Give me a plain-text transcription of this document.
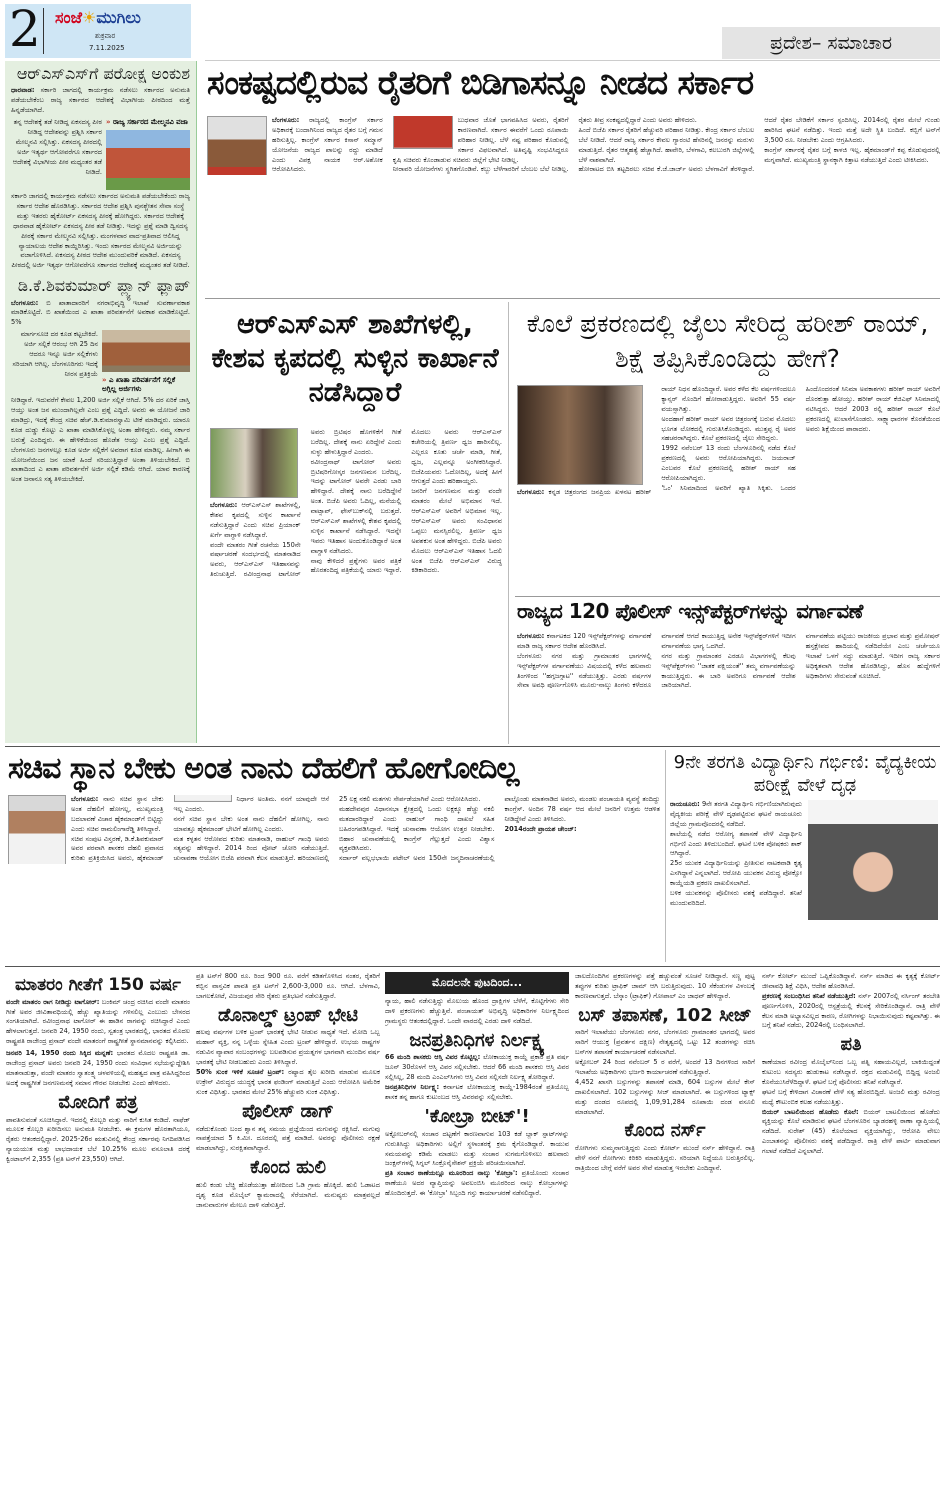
2 ಸಂಜೆ☀ಮುಗಿಲು
ಶುಕ್ರವಾರ
7.11.2025	ಪ್ರದೇಶ– ಸಮಾಚಾರ
ಆರ್‌ಎಸ್‌ಎಸ್‌ಗೆ ಪರೋಕ್ಷ ಅಂಕುಶ
ಧಾರವಾಡ: ಸರ್ಕಾರಿ ಜಾಗದಲ್ಲಿ ಕಾರ್ಯಕ್ರಮ ನಡೆಸಲು ಸರ್ಕಾರದ ಅನುಮತಿ ಪಡೆಯಬೇಕೆಂಬ ರಾಜ್ಯ ಸರ್ಕಾರದ ಆದೇಶಕ್ಕೆ ವಿಭಾಗೀಯ ಪೀಠದಿಂದ ಮತ್ತೆ ಹಿನ್ನಡೆಯಾಗಿದೆ.
ತನ್ನ ಆದೇಶಕ್ಕೆ ತಡೆ ನೀಡಿದ್ದ ಏಕಸದಸ್ಯ ಪೀಠ ನೀಡಿದ್ದ ಆದೇಶವನ್ನು ಪ್ರಶ್ನಿಸಿ ಸರ್ಕಾರ ಮೇಲ್ಮನವಿ ಸಲ್ಲಿಸಿತ್ತು. ಏಕಸದಸ್ಯ ಪೀಠದಲ್ಲಿ ಅರ್ಜಿ ಇತ್ಯರ್ಥ ಆಗೋವರೆಗೂ ಸರ್ಕಾರದ ಆದೇಶಕ್ಕೆ ವಿಭಾಗೀಯ ಪೀಠ ಮಧ್ಯಂತರ ತಡೆ ನೀಡಿದೆ.
» ರಾಜ್ಯ ಸರ್ಕಾರದ ಮೇಲ್ಮನವಿ ವಜಾ
ಸರ್ಕಾರಿ ಜಾಗದಲ್ಲಿ ಕಾರ್ಯಕ್ರಮ ನಡೆಸಲು ಸರ್ಕಾರದ ಅನುಮತಿ ಪಡೆಯಬೇಕೆಂದು ರಾಜ್ಯ ಸರ್ಕಾರ ಆದೇಶ ಹೊರಡಿಸಿತ್ತು. ಸರ್ಕಾರದ ಆದೇಶ ಪ್ರಶ್ನಿಸಿ ಪುನಶ್ಚೇತನ ಸೇವಾ ಸಂಸ್ಥೆ ಮತ್ತು ಇತರರು ಹೈಕೋರ್ಟ್ ಏಕಸದಸ್ಯ ಪೀಠಕ್ಕೆ ಹೋಗಿದ್ದರು. ಸರ್ಕಾರದ ಆದೇಶಕ್ಕೆ ಧಾರವಾಡ ಹೈಕೋರ್ಟ್ ಏಕಸದಸ್ಯ ಪೀಠ ತಡೆ ನೀಡಿತ್ತು. ಇದನ್ನು ಪ್ರಶ್ನೆ ಮಾಡಿ ದ್ವಿಸದಸ್ಯ ಪೀಠಕ್ಕೆ ಸರ್ಕಾರ ಮೇಲ್ಮನವಿ ಸಲ್ಲಿಸಿತ್ತು. ಮಂಗಳವಾರ ವಾದ-ಪ್ರತಿವಾದ ಆಲಿಸಿದ್ದ ನ್ಯಾಯಾಲಯ ಆದೇಶ ಕಾಯ್ದಿರಿಸಿತ್ತು. ಇಂದು ಸರ್ಕಾರದ ಮೇಲ್ಮನವಿ ಅರ್ಜಿಯನ್ನು ವಜಾಗೊಳಿಸಿದೆ. ಏಕಸದಸ್ಯ ಪೀಠದ ಆದೇಶ ಮುಂದುವರಿಕೆ ಮಾಡಿದೆ. ಏಕಸದಸ್ಯ ಪೀಠದಲ್ಲಿ ಅರ್ಜಿ ಇತ್ಯರ್ಥ ಆಗೋವರೆಗೂ ಸರ್ಕಾರದ ಆದೇಶಕ್ಕೆ ಮಧ್ಯಂತರ ತಡೆ ನೀಡಿದೆ.
ಡಿ.ಕೆ.ಶಿವಕುಮಾರ್ ಪ್ಲ್ಯಾನ್ ಫ್ಲಾಪ್
ಬೆಂಗಳೂರು: ಬಿ ಖಾತಾದಾರರಿಗೆ ನಗರಾಭಿವೃದ್ಧಿ ಇಲಾಖೆ ಸುವರ್ಣಾವಕಾಶ ಮಾಡಿಕೊಟ್ಟಿದೆ. ಬಿ ಖಾತೆಯಿಂದ ಎ ಖಾತಾ ಪರಿವರ್ತನೆಗೆ ಅವಕಾಶ ಮಾಡಿಕೊಟ್ಟಿದೆ. 5%
ಮಾರ್ಗಸೂಚಿ ದರ ಕೂಡ ಕಟ್ಟಬೇಕಿದೆ. ಅರ್ಜಿ ಸಲ್ಲಿಕೆ ಆರಂಭ ಆಗಿ 25 ದಿನ ಆದರೂ ಇನ್ನೂ ಅರ್ಜಿ ಸಲ್ಲಿಕೆಗಳು ಸರಿಯಾಗಿ ಆಗಿಲ್ಲ. ಬೆಂಗಳೂರಿಗರು ಇದಕ್ಕೆ ನೀರಸ ಪ್ರತಿಕ್ರಿಯೆ
» ಎ ಖಾತಾ ಪರಿವರ್ತನೆಗೆ ಸಲ್ಲಿಕೆ ಅಗ್ಗಿಲ್ಲ ಅರ್ಜಿಗಳು
ನೀಡಿದ್ದಾರೆ. ಇದುವರೆಗೆ ಕೇವಲ 1,200 ಅರ್ಜಿ ಸಲ್ಲಿಕೆ ಆಗಿದೆ. 5% ದರ ಏರಿಕೆ ಜಾಸ್ತಿ ಆಯ್ತು ಅಂತ ಜನ ಮುಂದಾಗಿಲ್ಲವೇ ಎಂಬ ಪ್ರಶ್ನೆ ಎದ್ದಿದೆ. ಅವರು ಈ ಯೋಜನೆ ಜಾರಿ ಮಾಡಿದ್ರು, ಇದಕ್ಕೆ ಕೇಂದ್ರ ಸಚಿವ ಹೆಚ್.ಡಿ.ಕುಮಾರಸ್ವಾಮಿ ಟೀಕೆ ಮಾಡಿದ್ದರು. ಯಾರೂ ಕೂಡ ದುಡ್ಡು ಕೊಟ್ಟು ಎ ಖಾತಾ ಮಾಡಿಸಿಕೊಳ್ಳಲ್ಲ ಅಂತಾ ಹೇಳಿದ್ದರು. ನಮ್ಮ ಸರ್ಕಾರ ಬರುತ್ತೆ ಎಂದಿದ್ದರು. ಈ ಹೇಳಿಕೆಯಿಂದ ಹೊಡೆತ ಆಯ್ತು ಎಂಬ ಪ್ರಶ್ನೆ ಎದ್ದಿದೆ. ಬೆಂಗಳೂರು ಜನಗಳಲ್ಲೂ ಕೂಡ ಅರ್ಜಿ ಸಲ್ಲಿಕೆಗೆ ಅವರಾಗ ಕೂಡ ಮಾಡಿಲ್ಲ. ಹೀಗಾಗಿ ಈ ಯೋಜನೆಯಿಂದ ಜನ ಯಾಕೆ ಹಿಂದೆ ಸರಿಯುತ್ತಿದ್ದಾರೆ ಅಂತಾ ತಿಳಿಯಬೇಕಿದೆ. ಬಿ ಖಾತಾದಿಂದ ಎ ಖಾತಾ ಪರಿವರ್ತನೆಗೆ ಅರ್ಜಿ ಸಲ್ಲಿಕೆ ಕಡಿಮೆ ಆಗಿದೆ. ಯಾವ ಕಾರಣಕ್ಕೆ ಅಂತ ಜನಾನೂ ಸತ್ಯ ತಿಳಿಯಬೇಕಿದೆ.
ಸಂಕಷ್ಟದಲ್ಲಿರುವ ರೈತರಿಗೆ ಬಿಡಿಗಾಸನ್ನೂ ನೀಡದ ಸರ್ಕಾರ
ಬೆಂಗಳೂರು: ರಾಜ್ಯದಲ್ಲಿ ಕಾಂಗ್ರೆಸ್ ಸರ್ಕಾರ ಅಧಿಕಾರಕ್ಕೆ ಬಂದಾಗಿನಿಂದ ರಾಜ್ಯದ ರೈತರ ಬಗ್ಗೆ ಗಮನ ಹರಿಸುತ್ತಿಲ್ಲ. ಕಾಂಗ್ರೆಸ್ ಸರ್ಕಾರ ಕಿಸಾನ್ ಸಮ್ಮಾನ್ ಯೋಜನೆಯ ರಾಜ್ಯದ ಪಾಲನ್ನು ರದ್ದು ಮಾಡಿದೆ ಎಂದು ವಿಪಕ್ಷ ನಾಯಕ ಆರ್.ಅಶೋಕ ಆರೋಪಿಸಿದರು.
ಬುಧವಾರ ಜೊತೆ ಭಾಗವಹಿಸಿದ ಅವರು, ರೈತರಿಗೆ ಕಾರಣವಾಗಿದೆ. ಸರ್ಕಾರ ಈವರೆಗೆ ಒಂದು ರೂಪಾಯಿ ಪರಿಹಾರ ನೀಡಿಲ್ಲ. ಬೆಳೆ ನಷ್ಟ ಪರಿಹಾರ ಕೊಡುವಲ್ಲಿ ಸರ್ಕಾರ ವಿಫಲವಾಗಿದೆ. ಅತಿವೃಷ್ಟಿ ಸಂಭವಿಸಿದ್ದರೂ ಕೃಷಿ ಸಚಿವರು ಕೊಂಡಾಡುವ ಸಚಿವರು ಜಿಲ್ಲೆಗೆ ಭೇಟಿ ನೀಡಿಲ್ಲ.
ನೀರಾವರಿ ಯೋಜನೆಗಳು ಸ್ಥಗಿತಗೊಂಡಿವೆ. ಕಬ್ಬು ಬೆಳೆಗಾರರಿಗೆ ಬೆಂಬಲ ಬೆಲೆ ನೀಡಿಲ್ಲ. ರೈತರು ತೀವ್ರ ಸಂಕಷ್ಟದಲ್ಲಿದ್ದಾರೆ ಎಂದು ಅವರು ಹೇಳಿದರು.
ಹಿಂದೆ ಬಿಜೆಪಿ ಸರ್ಕಾರ ರೈತರಿಗೆ ಹೆಚ್ಚುವರಿ ಪರಿಹಾರ ನೀಡಿತ್ತು. ಕೇಂದ್ರ ಸರ್ಕಾರ ಬೆಂಬಲ ಬೆಲೆ ನೀಡಿದೆ. ಆದರೆ ರಾಜ್ಯ ಸರ್ಕಾರ ಕೇವಲ ಗ್ಯಾರಂಟಿ ಹೆಸರಿನಲ್ಲಿ ಜನರನ್ನು ಮರುಳು ಮಾಡುತ್ತಿದೆ. ರೈತರ ಆತ್ಮಹತ್ಯೆ ಹೆಚ್ಚಾಗಿದೆ. ಹಾವೇರಿ, ಬೆಳಗಾವಿ, ಕಲಬುರಗಿ ಜಿಲ್ಲೆಗಳಲ್ಲಿ ಬೆಳೆ ನಾಶವಾಗಿದೆ.
ಹೋರಾಟದ ಬಿಸಿ ತಟ್ಟದಿರಲು ಸಚಿವ ಕೆ.ಜೆ.ಜಾರ್ಜ್ ಅವರು ಬೆಳಗಾವಿಗೆ ತೆರಳಿದ್ದಾರೆ. ಆದರೆ ರೈತರ ಬೇಡಿಕೆಗೆ ಸರ್ಕಾರ ಸ್ಪಂದಿಸಿಲ್ಲ. 2014ರಲ್ಲಿ ರೈತರ ಮೇಲೆ ಗುಂಡು ಹಾರಿಸಿದ ಘಟನೆ ನಡೆದಿತ್ತು. ಇಂದು ಮತ್ತೆ ಅದೇ ಸ್ಥಿತಿ ಬಂದಿದೆ. ಕಬ್ಬಿಗೆ ಟನ್‌ಗೆ 3,500 ರೂ. ನೀಡಬೇಕು ಎಂದು ಆಗ್ರಹಿಸಿದರು.
ಕಾಂಗ್ರೆಸ್ ಸರ್ಕಾರಕ್ಕೆ ರೈತರ ಬಗ್ಗೆ ಕಾಳಜಿ ಇಲ್ಲ. ಹೈಕಮಾಂಡ್‌ಗೆ ಕಪ್ಪ ಕೊಡುವುದರಲ್ಲಿ ಮಗ್ನವಾಗಿದೆ. ಮುಖ್ಯಮಂತ್ರಿ ಸ್ಥಾನಕ್ಕಾಗಿ ಕಿತ್ತಾಟ ನಡೆಯುತ್ತಿದೆ ಎಂದು ಟೀಕಿಸಿದರು.
ಆರ್‌ಎಸ್‌ಎಸ್ ಶಾಖೆಗಳಲ್ಲಿ, ಕೇಶವ ಕೃಪದಲ್ಲಿ ಸುಳ್ಳಿನ ಕಾರ್ಖಾನೆ ನಡೆಸಿದ್ದಾರೆ
ಬೆಂಗಳೂರು: ಆರ್‌ಎಸ್‌ಎಸ್ ಶಾಖೆಗಳಲ್ಲಿ, ಕೇಶವ ಕೃಪದಲ್ಲಿ ಸುಳ್ಳಿನ ಕಾರ್ಖಾನೆ ನಡೆಸುತ್ತಿದ್ದಾರೆ ಎಂದು ಸಚಿವ ಪ್ರಿಯಾಂಕ್ ಖರ್ಗೆ ವಾಗ್ದಾಳಿ ನಡೆಸಿದ್ದಾರೆ.
ವಂದೇ ಮಾತರಂ ಗೀತೆ ರಚನೆಯ 150ನೇ ವರ್ಷಾಚರಣೆ ಸಂದರ್ಭದಲ್ಲಿ ಮಾತನಾಡಿದ ಅವರು, ಆರ್‌ಎಸ್‌ಎಸ್ ಇತಿಹಾಸವನ್ನು ತಿರುಚುತ್ತಿದೆ. ರವೀಂದ್ರನಾಥ ಟಾಗೋರ್ ಅವರು ಬ್ರಿಟಿಷರ ಹೊಗಳಿಕೆಗೆ ಗೀತೆ ಬರೆದಿಲ್ಲ. ದೇಶಕ್ಕೆ ನಾನು ಏರಿದ್ದೇನೆ ಎಂದು ಸುಳ್ಳು ಹೇಳುತ್ತಿದ್ದಾರೆ ಎಂದರು.
ರವೀಂದ್ರನಾಥ್ ಟಾಗೋರ್ ಅವರು ಬ್ರಿಟಿಷರಿಗೋಸ್ಕರ ಜನಗಣಮನ ಬರೆದಿಲ್ಲ. ಇದನ್ನು ಟಾಗೋರ್ ಅವರೇ ಎರಡು ಬಾರಿ ಹೇಳಿದ್ದಾರೆ. ದೇಶಕ್ಕೆ ನಾನು ಬರೆದಿದ್ದೇನೆ ಅಂತ. ಬಿಜೆಪಿ ಅವರು ಓದಿಲ್ಲ, ಮನೆಯಲ್ಲಿ ವಾಟ್ಸಾಪ್, ಫೇಸ್‌ಬುಕ್‌ನಲ್ಲಿ ಬರುತ್ತದೆ. ಆರ್‌ಎಸ್‌ಎಸ್ ಶಾಖೆಗಳಲ್ಲಿ ಕೇಶವ ಕೃಪದಲ್ಲಿ ಸುಳ್ಳಿನ ಕಾರ್ಖಾನೆ ನಡೆಸಿದ್ದಾರೆ. ಇದನ್ನೇ ಇವರು ಇತಿಹಾಸ ಅಂದುಕೊಂಡಿದ್ದಾರೆ ಅಂತ ವಾಗ್ದಾಳಿ ನಡೆಸಿದರು.
ನಾವು ಕೇಳಿದರೆ ಪ್ರಶ್ನೆಗಳು ಅವರ ಪತ್ರಿಕೆ ಹೊರತಂದಿದ್ದ ಪತ್ರಿಕೆಯಲ್ಲಿ ಯಾರು ಇದ್ದಾರೆ. ಮೊದಲು ಅವರು ಆರ್‌ಎಸ್‌ಎಸ್ ಕಚೇರಿಯಲ್ಲಿ ತ್ರಿವರ್ಣ ಧ್ವಜ ಹಾರಿಸಲಿಲ್ಲ. ಎಲ್ಲರೂ ಕೂತು ಚರ್ಚೆ ಮಾಡಿ, ಗೀತೆ, ಧ್ವಜ, ಎಲ್ಲವನ್ನೂ ಅಂಗೀಕರಿಸಿದ್ದಾರೆ. ಬಿಜೆಪಿಯವರು ಓದೋದಿಲ್ಲ, ಅದಕ್ಕೆ ಹೀಗೆ ಆಗುತ್ತದೆ ಎಂದು ಹರಿಹಾಯ್ದರು.
ಜನರಿಗೆ ಜನಗಣಮನ ಮತ್ತು ವಂದೇ ಮಾತರಂ ಮೇಲೆ ಅಭಿಮಾನ ಇದೆ. ಆರ್‌ಎಸ್‌ಎಸ್ ಅವರಿಗೆ ಅಭಿಮಾನ ಇಲ್ಲ. ಆರ್‌ಎಸ್‌ಎಸ್ ಅವರು ಸಂವಿಧಾನವ ಒಪ್ಪಲು ಮನಸ್ಸಿರಲಿಲ್ಲ. ತ್ರಿವರ್ಣ ಧ್ವಜ ಅಪಶಕುನ ಅಂತ ಹೇಳಿದ್ದರು. ಬಿಜೆಪಿ ಅವರು ಮೊದಲು ಆರ್‌ಎಸ್‌ಎಸ್ ಇತಿಹಾಸ ಓದಲಿ ಅಂತ ಬಿಜೆಪಿ ಆರ್‌ಎಸ್‌ಎಸ್ ವಿರುದ್ಧ ಕಿಡಿಕಾರಿದರು.
ಕೊಲೆ ಪ್ರಕರಣದಲ್ಲಿ ಜೈಲು ಸೇರಿದ್ದ ಹರೀಶ್ ರಾಯ್, ಶಿಕ್ಷೆ ತಪ್ಪಿಸಿಕೊಂಡಿದ್ದು ಹೇಗೆ?
ಬೆಂಗಳೂರು: ಕನ್ನಡ ಚಿತ್ರರಂಗದ ಜನಪ್ರಿಯ ಖಳನಟ ಹರೀಶ್ ರಾಯ್ ನಿಧನ ಹೊಂದಿದ್ದಾರೆ. ಅವರ ಕಳೆದ ಕೆಲ ವರ್ಷಗಳಿಂದಲೂ ಕ್ಯಾನ್ಸರ್ ನೊಂದಿಗೆ ಹೋರಾಡುತ್ತಿದ್ದರು. ಅವರಿಗೆ 55 ವರ್ಷ ವಯಸ್ಸಾಗಿತ್ತು.
ಅಂದಹಾಗೆ ಹರೀಶ್ ರಾಯ್ ಅವರ ಚಿತ್ರರಂಗಕ್ಕೆ ಬರುವ ಮೊದಲು ಭೂಗತ ಲೋಕದಲ್ಲಿ ಗುರುತಿಸಿಕೊಂಡಿದ್ದರು. ಮುತ್ತಪ್ಪ ರೈ ಅವರ ಸಹಚರರಾಗಿದ್ದರು. ಕೊಲೆ ಪ್ರಕರಣದಲ್ಲಿ ಜೈಲು ಸೇರಿದ್ದರು.
1992 ನವೆಂಬರ್ 13 ರಂದು ಬೆಂಗಳೂರಿನಲ್ಲಿ ನಡೆದ ಕೊಲೆ ಪ್ರಕರಣದಲ್ಲಿ ಅವರು ಆರೋಪಿಯಾಗಿದ್ದರು. ಜಯರಾಜ್ ಎಂಬವರ ಕೊಲೆ ಪ್ರಕರಣದಲ್ಲಿ ಹರೀಶ್ ರಾಯ್ ಸಹ ಆರೋಪಿಯಾಗಿದ್ದರು.
'ಓಂ' ಸಿನಿಮಾದಿಂದ ಅವರಿಗೆ ಖ್ಯಾತಿ ಸಿಕ್ಕಿತು. ಒಂದರ ಹಿಂದೊಂದರಂತೆ ಸಿನಿಮಾ ಅವಕಾಶಗಳು ಹರೀಶ್ ರಾಯ್ ಅವರಿಗೆ ದೊರಕುತ್ತಾ ಹೋಯ್ತು. ಹರೀಶ್ ರಾಯ್ ಕೆಜಿಎಫ್ ಸಿನಿಮಾದಲ್ಲಿ ನಟಿಸಿದ್ದರು. ಆದರೆ 2003 ರಲ್ಲಿ ಹರೀಶ್ ರಾಯ್ ಕೊಲೆ ಪ್ರಕರಣದಲ್ಲಿ ಖುಲಾಸೆಗೊಂಡರು. ಸಾಕ್ಷ್ಯಾಧಾರಗಳ ಕೊರತೆಯಿಂದ ಅವರು ಶಿಕ್ಷೆಯಿಂದ ಪಾರಾದರು.
ರಾಜ್ಯದ 120 ಪೊಲೀಸ್ ಇನ್ಸ್‌ಪೆಕ್ಟರ್‌ಗಳನ್ನು ವರ್ಗಾವಣೆ
ಬೆಂಗಳೂರು: ಕರ್ನಾಟಕದ 120 ಇನ್ಸ್‌ಪೆಕ್ಟರ್‌ಗಳನ್ನು ವರ್ಗಾವಣೆ ಮಾಡಿ ರಾಜ್ಯ ಸರ್ಕಾರ ಆದೇಶ ಹೊರಡಿಸಿದೆ.
ಬೆಂಗಳೂರು ನಗರ ಮತ್ತು ಗ್ರಾಮಾಂತರ ಭಾಗಗಳಲ್ಲಿ ಇನ್ಸ್‌ಪೆಕ್ಟರ್‌ಗಳ ವರ್ಗಾವಣೆಯು ವಿಷಯದಲ್ಲಿ ಕಳೆದ ಹಲವಾರು ತಿಂಗಳಿಂದ ''ಹಗ್ಗಜಗ್ಗಾಟ'' ನಡೆಯುತ್ತಿತ್ತು. ಎರಡು ವರ್ಷಗಳ ಸೇವಾ ಅವಧಿ ಪೂರ್ಣಗೊಳಿಸಿ ಮೂರು-ನಾಲ್ಕು ತಿಂಗಳು ಕಳೆದರೂ ವರ್ಗಾವಣೆ ಆಗದೆ ಕಾಯುತ್ತಿದ್ದ ಅನೇಕ ಇನ್ಸ್‌ಪೆಕ್ಟರ್‌ಗಳಿಗೆ ಇದೀಗ ವರ್ಗಾವಣೆಯ ಭಾಗ್ಯ ಒದಗಿದೆ.
ನಗರ ಮತ್ತು ಗ್ರಾಮಾಂತರ ಎರಡೂ ವಿಭಾಗಗಳಲ್ಲಿ ಕೆಲವು ಇನ್ಸ್‌ಪೆಕ್ಟರ್‌ಗಳು ''ಜಾತಕ ಪಕ್ಷಿಯಂತೆ'' ತಮ್ಮ ವರ್ಗಾವಣೆಯನ್ನು ಕಾಯುತ್ತಿದ್ದರು. ಈ ಬಾರಿ ಅವರಿಗೂ ವರ್ಗಾವಣೆ ಆದೇಶ ಜಾರಿಯಾಗಿದೆ.
ವರ್ಗಾವಣೆಯ ಪಟ್ಟಿಯು ರಾಜಕೀಯ ಪ್ರಭಾವ ಮತ್ತು ಪ್ರಮೋಷನ್ ಹಸ್ತಕ್ಷೇಪದ ಹಾದಿಯಲ್ಲಿ ನಡೆದಿದೆಯೇ ಎಂಬ ಚರ್ಚೆಯೂ ಇಲಾಖೆ ಒಳಗೆ ಸದ್ದು ಮಾಡುತ್ತಿದೆ. ಇದೀಗ ರಾಜ್ಯ ಸರ್ಕಾರ ಅಧಿಕೃತವಾಗಿ ಆದೇಶ ಹೊರಡಿಸಿದ್ದು, ಹೊಸ ಹುದ್ದೆಗಳಿಗೆ ಅಧಿಕಾರಿಗಳು ಸೇರುವಂತೆ ಸೂಚಿಸಿದೆ.
ಸಚಿವ ಸ್ಥಾನ ಬೇಕು ಅಂತ ನಾನು ದೆಹಲಿಗೆ ಹೋಗೋದಿಲ್ಲ
ಬೆಂಗಳೂರು: ನಾನು ಸಚಿವ ಸ್ಥಾನ ಬೇಕು ಅಂತ ದೆಹಲಿಗೆ ಹೋಗಲ್ಲ, ಮುಖ್ಯಮಂತ್ರಿ ಬದಲಾವಣೆ ವಿಚಾರ ಹೈಕಮಾಂಡ್‌ಗೆ ಬಿಟ್ಟಿದ್ದು ಎಂದು ಸಚಿವ ರಾಮಲಿಂಗಾರೆಡ್ಡಿ ತಿಳಿಸಿದ್ದಾರೆ.
ಸಚಿವ ಸಂಪುಟ ವಿಸ್ತರಣೆ, ಡಿ.ಕೆ.ಶಿವಕುಮಾರ್ ಅವರ ಪರವಾಗಿ ಶಾಸಕರ ದೆಹಲಿ ಪ್ರವಾಸದ ಕುರಿತು ಪ್ರತಿಕ್ರಿಯಿಸಿದ ಅವರು, ಹೈಕಮಾಂಡ್ ನಿರ್ಧಾರ ಅಂತಿಮ. ನನಗೆ ಯಾವುದೇ ಆಸೆ ಇಲ್ಲ ಎಂದರು.
ನನಗೆ ಸಚಿವ ಸ್ಥಾನ ಬೇಕು ಅಂತ ನಾನು ದೆಹಲಿಗೆ ಹೋಗಿಲ್ಲ. ನಾನು ಯಾವತ್ತೂ ಹೈಕಮಾಂಡ್ ಭೇಟಿಗೆ ಹೋಗಿಲ್ಲ ಎಂದರು.
ಮತ ಕಳ್ಳತನ ಆರೋಪದ ಕುರಿತು ಮಾತನಾಡಿ, ರಾಹುಲ್ ಗಾಂಧಿ ಅವರು ಸತ್ಯವನ್ನು ಹೇಳಿದ್ದಾರೆ. 2014 ರಿಂದ ವೋಟ್ ಚೋರಿ ನಡೆಯುತ್ತಿದೆ. ಚುನಾವಣಾ ಆಯೋಗ ಬಿಜೆಪಿ ಪರವಾಗಿ ಕೆಲಸ ಮಾಡುತ್ತಿದೆ. ಹರಿಯಾಣದಲ್ಲಿ 25 ಲಕ್ಷ ನಕಲಿ ಮತಗಳು ಸೇರ್ಪಡೆಯಾಗಿವೆ ಎಂದು ಆರೋಪಿಸಿದರು.
ಮಹದೇವಪುರ ವಿಧಾನಸಭಾ ಕ್ಷೇತ್ರದಲ್ಲಿ ಒಂದು ಲಕ್ಷಕ್ಕೂ ಹೆಚ್ಚು ನಕಲಿ ಮತದಾರರಿದ್ದಾರೆ ಎಂದು ರಾಹುಲ್ ಗಾಂಧಿ ದಾಖಲೆ ಸಹಿತ ಬಹಿರಂಗಪಡಿಸಿದ್ದಾರೆ. ಇದಕ್ಕೆ ಚುನಾವಣಾ ಆಯೋಗ ಉತ್ತರ ನೀಡಬೇಕು. ಬಿಹಾರ ಚುನಾವಣೆಯಲ್ಲಿ ಕಾಂಗ್ರೆಸ್ ಗೆಲ್ಲುತ್ತದೆ ಎಂದು ವಿಶ್ವಾಸ ವ್ಯಕ್ತಪಡಿಸಿದರು.
ಸರ್ದಾರ್ ವಲ್ಲಭಭಾಯಿ ಪಟೇಲ್ ಅವರ 150ನೇ ಜನ್ಮದಿನಾಚರಣೆಯಲ್ಲಿ ಪಾಲ್ಗೊಂಡು ಮಾತನಾಡಿದ ಅವರು, ಮಂಡಲ ಪಂಚಾಯತಿ ವ್ಯವಸ್ಥೆ ತಂದಿದ್ದು ಕಾಂಗ್ರೆಸ್. ಅಂದಿನ 78 ವರ್ಷ ಆದ ಮೇಲೆ ಜನರಿಗೆ ಉತ್ತಮ ಆಡಳಿತ ನೀಡಿದ್ದೇವೆ ಎಂದು ತಿಳಿಸಿದರು.
2014ರಂದೇ ಪ್ರಾಯಶ ಚೇಂಜ್:
9ನೇ ತರಗತಿ ವಿದ್ಯಾರ್ಥಿನಿ ಗರ್ಭಿಣಿ: ವೈದ್ಯಕೀಯ ಪರೀಕ್ಷೆ ವೇಳೆ ದೃಢ
ರಾಯಚೂರು: 9ನೇ ತರಗತಿ ವಿದ್ಯಾರ್ಥಿನಿ ಗರ್ಭಿಣಿಯಾಗಿರುವುದು ವೈದ್ಯಕೀಯ ಪರೀಕ್ಷೆ ವೇಳೆ ದೃಢಪಟ್ಟಿರುವ ಘಟನೆ ರಾಯಚೂರು ಜಿಲ್ಲೆಯ ಗ್ರಾಮವೊಂದರಲ್ಲಿ ನಡೆದಿದೆ.
ಶಾಲೆಯಲ್ಲಿ ನಡೆದ ಆರೋಗ್ಯ ತಪಾಸಣೆ ವೇಳೆ ವಿದ್ಯಾರ್ಥಿನಿ ಗರ್ಭಿಣಿ ಎಂದು ತಿಳಿದುಬಂದಿದೆ. ಘಟನೆ ಬಳಿಕ ಪೋಷಕರು ಶಾಕ್ ಆಗಿದ್ದಾರೆ.
25ರ ಯುವಕ ವಿದ್ಯಾರ್ಥಿನಿಯನ್ನು ಪ್ರೀತಿಸುವ ನಾಟಕವಾಡಿ ಕೃತ್ಯ ಎಸಗಿದ್ದಾನೆ ಎನ್ನಲಾಗಿದೆ. ಆರೋಪಿ ಯುವಕನ ವಿರುದ್ಧ ಪೋಕ್ಸೋ ಕಾಯ್ದೆಯಡಿ ಪ್ರಕರಣ ದಾಖಲಿಸಲಾಗಿದೆ.
ಬಳಿಕ ಯುವಕನನ್ನು ಪೊಲೀಸರು ವಶಕ್ಕೆ ಪಡೆದಿದ್ದಾರೆ. ತನಿಖೆ ಮುಂದುವರಿದಿದೆ.
ಮಾತರಂ ಗೀತೆಗೆ 150 ವರ್ಷ
ವಂದೇ ಮಾತರಂ ರಾಗ ನೀಡಿದ್ದು ಟಾಗೋರ್: ಬಂಕಿಮ್ ಚಂದ್ರ ರಚಿಸಿದ ವಂದೇ ಮಾತರಂ ಗೀತೆ ಅವರ ಜೀವಿತಾವಧಿಯಲ್ಲಿ ಹೆಚ್ಚು ಖ್ಯಾತಿಯನ್ನು ಗಳಿಸಲಿಲ್ಲ ಎಂಬುದು ಬೇಸರದ ಸಂಗತಿಯಾಗಿದೆ. ರವೀಂದ್ರನಾಥ ಟಾಗೋರ್ ಈ ಹಾಡಿನ ರಾಗವನ್ನು ರಚಿಸಿದ್ದಾರೆ ಎಂದು ಹೇಳಲಾಗುತ್ತದೆ. ಜನವರಿ 24, 1950 ರಂದು, ಸ್ವತಂತ್ರ ಭಾರತದಲ್ಲಿ, ಭಾರತದ ಮೊದಲ ರಾಷ್ಟ್ರಪತಿ ರಾಜೇಂದ್ರ ಪ್ರಸಾದ್ ವಂದೇ ಮಾತರಂಗೆ ರಾಷ್ಟ್ರಗೀತೆ ಸ್ಥಾನಮಾನವನ್ನು ಕಲ್ಪಿಸಿದರು.
ಜನವರಿ 14, 1950 ರಂದು ಸಿಕ್ಕಿದ ಮನ್ನಣೆ: ಭಾರತದ ಮೊದಲ ರಾಷ್ಟ್ರಪತಿ ಡಾ. ರಾಜೇಂದ್ರ ಪ್ರಸಾದ್ ಅವರು ಜನವರಿ 24, 1950 ರಂದು ಸಂವಿಧಾನ ಸಭೆಯನ್ನುದ್ದೇಶಿಸಿ ಮಾತನಾಡುತ್ತಾ, ವಂದೇ ಮಾತರಂ ಸ್ವಾತಂತ್ರ್ಯ ಚಳವಳಿಯಲ್ಲಿ ಮಹತ್ವದ ಪಾತ್ರ ವಹಿಸಿದ್ದರಿಂದ ಅದಕ್ಕೆ ರಾಷ್ಟ್ರಗೀತೆ ಜನಗಣಮನಕ್ಕೆ ಸಮಾನ ಗೌರವ ನೀಡಬೇಕು ಎಂದು ಹೇಳಿದರು.
ಮೋದಿಗೆ ಪತ್ರ
ಪಾವತಿಸುವಂತೆ ಸೂಚಿಸಿದ್ದಾರೆ. ಇದರಲ್ಲಿ ಕೊಬ್ಬರಿ ಮತ್ತು ನಾರಿಗೆ ಕುಸಿತ ಕಂಡಿದೆ. ನಾಫೆಡ್ ಮೂಲಕ ಕೊಬ್ಬರಿ ಖರೀದಿಸಲು ಅನುಮತಿ ನೀಡಬೇಕು. ಈ ಕ್ರಮಗಳ ಹೊರತಾಗಿಯೂ, ರೈತರು ಆತಂಕದಲ್ಲಿದ್ದಾರೆ. 2025-26ರ ಋತುವಿನಲ್ಲಿ ಕೇಂದ್ರ ಸರ್ಕಾರವು ನಿಗದಿಪಡಿಸಿದ ನ್ಯಾಯಯುತ ಮತ್ತು ಲಾಭದಾಯಕ ಬೆಲೆ 10.25% ಮೂಲ ವಸೂಲಾತಿ ದರಕ್ಕೆ ಕ್ವಿಂಟಾಲ್‌ಗೆ 2,355 (ಪ್ರತಿ ಟನ್‌ಗೆ 23,550) ಆಗಿದೆ.
ಪ್ರತಿ ಟನ್‌ಗೆ 800 ರೂ. ರಿಂದ 900 ರೂ. ವರೆಗೆ ಕಡಿತಗೊಳಿಸಿದ ನಂತರ, ರೈತರಿಗೆ ಕಬ್ಬಿನ ವಾಸ್ತವಿಕ ಪಾವತಿ ಪ್ರತಿ ಟನ್‌ಗೆ 2,600-3,000 ರೂ. ಆಗಿದೆ. ಬೆಳಗಾವಿ, ಬಾಗಲಕೋಟೆ, ವಿಜಯಪುರ ಸೇರಿ ರೈತರು ಪ್ರತಿಭಟನೆ ನಡೆಸುತ್ತಿದ್ದಾರೆ.
ಡೊನಾಲ್ಡ್ ಟ್ರಂಪ್ ಭೇಟಿ
ಹಲವು ವರ್ಷಗಳ ಬಳಿಕ ಟ್ರಂಪ್ ಭಾರತಕ್ಕೆ ಭೇಟಿ ನೀಡುವ ಸಾಧ್ಯತೆ ಇದೆ. ಮೋದಿ ಒಬ್ಬ ಮಹಾನ್ ವ್ಯಕ್ತಿ, ನನ್ನ ಒಳ್ಳೆಯ ಸ್ನೇಹಿತ ಎಂದು ಟ್ರಂಪ್ ಹೇಳಿದ್ದಾರೆ. ಉಭಯ ರಾಷ್ಟ್ರಗಳ ನಡುವಿನ ವ್ಯಾಪಾರ ಸಂಬಂಧಗಳನ್ನು ಬಲಪಡಿಸುವ ಪ್ರಯತ್ನಗಳ ಭಾಗವಾಗಿ ಮುಂದಿನ ವರ್ಷ ಭಾರತಕ್ಕೆ ಭೇಟಿ ನೀಡಬಹುದು ಎಂದು ತಿಳಿಸಿದ್ದಾರೆ.
50% ಸುಂಕ ಇಳಿಕೆ ಸೂಚನೆ ಟ್ರಂಪ್: ರಷ್ಯಾದ ತೈಲ ಖರೀದಿ ಮಾಡುವ ಮೂಲಕ ಉಕ್ರೇನ್ ವಿರುದ್ಧದ ಯುದ್ಧಕ್ಕೆ ಭಾರತ ಫಂಡಿಂಗ್ ಮಾಡುತ್ತಿದೆ ಎಂದು ಆರೋಪಿಸಿ ಅಮೆರಿಕ ಸುಂಕ ವಿಧಿಸಿತ್ತು. ಭಾರತದ ಮೇಲೆ 25% ಹೆಚ್ಚುವರಿ ಸುಂಕ ವಿಧಿಸಿತ್ತು.
ಪೊಲೀಸ್ ಡಾಗ್
ನಡೆದುಕೊಂಡು ಬಂದ ಶ್ವಾನ ತನ್ನ ಸಮಯ ಪ್ರಜ್ಞೆಯಿಂದ ಮಗುವನ್ನು ರಕ್ಷಿಸಿದೆ. ಮಗುವು ನಾಪತ್ತೆಯಾದ 5 ಕಿ.ಮೀ. ದೂರದಲ್ಲಿ ಪತ್ತೆ ಮಾಡಿದೆ. ಅವರನ್ನು ಪೊಲೀಸರು ರಕ್ಷಣೆ ಮಾಡಲಾಗಿದ್ದು, ಸುರಕ್ಷಿತವಾಗಿದ್ದಾರೆ.
ಕೊಂದ ಹುಲಿ
ಹುಲಿ ಕಂಡು ಬೆಚ್ಚಿ ಹೊಡೆಯುತ್ತಾ ಹೋದಿಂದ ಓಡಿ ಗ್ರಾಮ ಹೊಕ್ಕಿದೆ. ಹುಲಿ ಓಡಾಟದ ದೃಶ್ಯ ಕೂಡ ಮೊಬೈಲ್ ಕ್ಯಾಮರಾದಲ್ಲಿ ಸೆರೆಯಾಗಿದೆ. ಮನುಷ್ಯರು ಮಾತ್ರವಲ್ಲದೆ ಜಾನುವಾರುಗಳ ಮೇಲೂ ದಾಳಿ ನಡೆಸುತ್ತಿದೆ.
ಮೊದಲನೇ ಪುಟದಿಂದ...
ನ್ಯಾಯ, ಹಾಲಿ ನಡೆಸುತ್ತಿದ್ದು ಮೊಲುಯ ಹೊಂದ ದ್ರಾಕ್ಷಿಗಳ ಬೆಳೆಗೆ, ಕೊಟ್ಟಿಗೆಗಳು ಸೇರಿ ದಾಳಿ ಪ್ರಕರಣಗಳು ಹೆಚ್ಚುತ್ತಿವೆ. ಪಂಚಾಯತ್ ಅಭಿವೃದ್ಧಿ ಅಧಿಕಾರಿಗಳ ನಿರ್ಲಕ್ಷ್ಯದಿಂದ ಗ್ರಾಮಸ್ಥರು ಆತಂಕದಲ್ಲಿದ್ದಾರೆ. ಒಂದೇ ವಾರದಲ್ಲಿ ಎರಡು ದಾಳಿ ನಡೆದಿದೆ.
ಜನಪ್ರತಿನಿಧಿಗಳ ನಿರ್ಲಕ್ಷ್ಯ
66 ಮಂದಿ ಶಾಸಕರು ಆಸ್ತಿ ವಿವರ ಕೊಟ್ಟಿಲ್ಲ: ಲೋಕಾಯುಕ್ತ ಕಾಯ್ದೆ ಪ್ರಕಾರ ಪ್ರತಿ ವರ್ಷ ಜೂನ್ 30ರೊಳಗೆ ಆಸ್ತಿ ವಿವರ ಸಲ್ಲಿಸಬೇಕು. ಆದರೆ 66 ಮಂದಿ ಶಾಸಕರು ಆಸ್ತಿ ವಿವರ ಸಲ್ಲಿಸಿಲ್ಲ, 28 ಮಂದಿ ಎಂಎಲ್‌ಸಿಗಳು ಆಸ್ತಿ ವಿವರ ಸಲ್ಲಿಸದೇ ನಿರ್ಲಕ್ಷ್ಯ ತೋರಿದ್ದಾರೆ.
ಜನಪ್ರತಿನಿಧಿಗಳ ನಿರ್ಲಕ್ಷ್ಯ: ಕರ್ನಾಟಕ ಲೋಕಾಯುಕ್ತ ಕಾಯ್ದೆ-1984ರಂತೆ ಪ್ರತಿಯೊಬ್ಬ ಶಾಸಕ ತನ್ನ ಹಾಗೂ ಕುಟುಂಬದ ಆಸ್ತಿ ವಿವರವನ್ನು ಸಲ್ಲಿಸಬೇಕು.
'ಕೋಬ್ರಾ ಬೀಟ್'!
ಅಕ್ಟೋಬರ್‌ನಲ್ಲಿ ಸಂಚಾರ ದಟ್ಟಣೆಗೆ ಕಾರಣವಾಗುವ 103 ಕಡೆ ಬ್ಲಾಕ್ ಸ್ಪಾಟ್‌ಗಳನ್ನು ಗುರುತಿಸಿದ್ದು ಅಧಿಕಾರಿಗಳು ಅಲ್ಲಿಗೆ ಸ್ಥಳಾಂತರಕ್ಕೆ ಕ್ರಮ ಕೈಗೊಂಡಿದ್ದಾರೆ. ಕಾಯುವ ಸಮಯವನ್ನು ಕಡಿಮೆ ಮಾಡಲು ಮತ್ತು ಸಂಚಾರ ಸುಗಮಗೊಳಿಸಲು ಹಲವಾರು ಜಂಕ್ಷನ್‌ಗಳಲ್ಲಿ ಸಿಗ್ನಲ್ ಸಿಂಕ್ರೊನೈಸೇಶನ್ ಪ್ರಕ್ರಿಯೆ ಪರಿಚಯಿಸಲಾಗಿದೆ.
ಪ್ರತಿ ಸಂಚಾರ ಠಾಣೆಯಲ್ಲೂ ಮೂರರಿಂದ ನಾಲ್ಕು 'ಕೋಬ್ರಾ': ಪ್ರತಿಯೊಂದು ಸಂಚಾರ ಠಾಣೆಯೂ ಅದರ ವ್ಯಾಪ್ತಿಯನ್ನು ಅವಲಂಬಿಸಿ ಮೂರರಿಂದ ನಾಲ್ಕು ಕೋಬ್ರಾಗಳನ್ನು ಹೊಂದಿರುತ್ತದೆ. ಈ 'ಕೋಬ್ರಾ' ಸಿಬ್ಬಂದಿ ಗಸ್ತು ಕಾರ್ಯಾಚರಣೆ ನಡೆಸಲಿದ್ದಾರೆ.
ಜಾಲದೊಂದಿಗಿನ ಪ್ರಕರಣಗಳನ್ನು ಪತ್ತೆ ಹಚ್ಚುವಂತೆ ಸೂಚನೆ ನೀಡಿದ್ದಾರೆ. ಸಣ್ಣ ಪುಟ್ಟ ತಪ್ಪುಗಳ ಕುರಿತು ಟ್ರಾಫಿಕ್ ಜಾಮ್ ಆಗಿ ಬರುತ್ತಿರುವುದು. 10 ಸೆಕೆಂಡುಗಳ ವಿಳಂಬಕ್ಕೆ ಕಾರಣವಾಗುತ್ತದೆ. ಬೆಸ್ಕಾಂ (ಟ್ರಾಫಿಕ್) ಗೋಪಾಲ್ ಎಂ ಜಾಧವ್ ಹೇಳಿದ್ದಾರೆ.
ಬಸ್ ತಪಾಸಣೆ, 102 ಸೀಜ್
ಸಾರಿಗೆ ಇಲಾಖೆಯು ಬೆಂಗಳೂರು ನಗರ, ಬೆಂಗಳೂರು ಗ್ರಾಮಾಂತರ ಭಾಗದಲ್ಲಿ ಅವರ ಸಾರಿಗೆ ಆಯುಕ್ತ (ಪ್ರವರ್ತನ ದಕ್ಷಿಣ) ನೇತೃತ್ವದಲ್ಲಿ ಒಟ್ಟು 12 ತಂಡಗಳನ್ನು ರಚಿಸಿ ಬಸ್‌ಗಳ ತಪಾಸಣೆ ಕಾರ್ಯಾಚರಣೆ ನಡೆಸಲಾಗಿದೆ.
ಅಕ್ಟೋಬರ್ 24 ರಿಂದ ನವೆಂಬರ್ 5 ರ ವರೆಗೆ, ಅಂದರೆ 13 ದಿನಗಳಿಂದ ಸಾರಿಗೆ ಇಲಾಖೆಯ ಅಧಿಕಾರಿಗಳು ಭರ್ಜರಿ ಕಾರ್ಯಾಚರಣೆ ನಡೆಸುತ್ತಿದ್ದಾರೆ.
4,452 ಖಾಸಗಿ ಬಸ್ಸುಗಳನ್ನು ತಪಾಸಣೆ ಮಾಡಿ, 604 ಬಸ್ಸುಗಳ ಮೇಲೆ ಕೇಸ್ ದಾಖಲಿಸಲಾಗಿದೆ. 102 ಬಸ್ಸುಗಳನ್ನು ಸೀಜ್ ಮಾಡಲಾಗಿದೆ. ಈ ಬಸ್ಸುಗಳಿಂದ ಟ್ಯಾಕ್ಸ್ ಮತ್ತು ದಂಡದ ರೂಪದಲ್ಲಿ 1,09,91,284 ರೂಪಾಯಿ ದಂಡ ವಸೂಲಿ ಮಾಡಲಾಗಿದೆ.
ಕೊಂದ ನರ್ಸ್
ರೋಗಿಗಳು ಸುಮ್ಮನಾಗುತ್ತಿದ್ದರು ಎಂದು ಕೋರ್ಟ್ ಮುಂದೆ ನರ್ಸ್ ಹೇಳಿದ್ದಾನೆ. ರಾತ್ರಿ ವೇಳೆ ನನಗೆ ರೋಗಿಗಳು ಕಿರಿಕಿರಿ ಮಾಡುತ್ತಿದ್ದರು. ಸರಿಯಾಗಿ ನಿದ್ದೆಯೂ ಬರುತ್ತಿರಲಿಲ್ಲ. ರಾತ್ರಿಯಿಂದ ಬೇಗ್ಗೆ ವರೆಗೆ ಅವರ ಸೇವೆ ಮಾಡುತ್ತ ಇರಬೇಕು ಎಂದಿದ್ದಾನೆ.
ನರ್ಸ್ ಕೋರ್ಟ್ ಮುಂದೆ ಒಪ್ಪಿಕೊಂಡಿದ್ದಾನೆ. ನರ್ಸ್ ಮಾಡಿದ ಈ ಕೃತ್ಯಕ್ಕೆ ಕೋರ್ಟ್ ಜೀವಾವಧಿ ಶಿಕ್ಷೆ ವಿಧಿಸಿ, ಆದೇಶ ಹೊರಡಿಸಿದೆ.
ಪ್ರಕರಣಕ್ಕೆ ಸಂಬಂಧಿಸಿದ ತನಿಖೆ ನಡೆಯುತ್ತಿದೆ: ನರ್ಸ್ 2007ರಲ್ಲಿ ನರ್ಸಿಂಗ್ ತರಬೇತಿ ಪೂರ್ಣಗೊಳಿಸಿ, 2020ರಲ್ಲಿ ಆಸ್ಪತ್ರೆಯಲ್ಲಿ ಕೆಲಸಕ್ಕೆ ಸೇರಿಕೊಂಡಿದ್ದಾನೆ. ರಾತ್ರಿ ವೇಳೆ ಕೆಲಸ ಮಾಡಿ ಅಭ್ಯಾಸವಿಲ್ಲದ ಕಾರಣ, ರೋಗಿಗಳನ್ನು ನಿಭಾಯಿಸುವುದು ಕಷ್ಟವಾಗಿತ್ತು. ಈ ಬಗ್ಗೆ ತನಿಖೆ ನಡೆದು, 2024ರಲ್ಲಿ ಬಂಧಿಸಲಾಗಿದೆ.
ಪತಿ
ಕಾಣೆಯಾದ ರವೀಂದ್ರ ಮೊಬೈಲ್‌ನಿಂದ ಒಬ್ಬ ಪತ್ನಿ ಸಹಾಯವಿಲ್ಲದೆ, ಬಾಕಿಯಿದ್ದಂತೆ ಕುಟುಂಬ ಸದಸ್ಯರು ಹುಡುಕಾಟ ನಡೆಸಿದ್ದಾರೆ. ರಕ್ತದ ಮಡುವಿನಲ್ಲಿ ಬಿದ್ದಿದ್ದ ಅಂಜಲಿ ಕೊನೆಯುಸಿರೆಳೆದಿದ್ದಾಳೆ. ಘಟನೆ ಬಗ್ಗೆ ಪೊಲೀಸರು ತನಿಖೆ ನಡೆಸಿದ್ದಾರೆ.
ಘಟನೆ ಬಗ್ಗೆ ಕೇಳಿದಾಗ ವಿಚಾರಣೆ ವೇಳೆ ಸತ್ಯ ಹೊರಬಿದ್ದಿದೆ. ಅಂಜಲಿ ಮತ್ತು ರವೀಂದ್ರ ಮಧ್ಯೆ ಕೌಟುಂಬಿಕ ಕಲಹ ನಡೆಯುತ್ತಿತ್ತು.
ಬಿಯರ್ ಬಾಟಲಿಯಿಂದ ಹೊಡೆದು ಕೊಲೆ: ಬಿಯರ್ ಬಾಟಲಿಯಿಂದ ಹೊಡೆದು ವ್ಯಕ್ತಿಯನ್ನು ಕೊಲೆ ಮಾಡಿರುವ ಘಟನೆ ಬೆಂಗಳೂರಿನ ಬ್ಯಾಡರಹಳ್ಳಿ ಠಾಣಾ ವ್ಯಾಪ್ತಿಯಲ್ಲಿ ನಡೆದಿದೆ. ಸುರೇಶ್ (45) ಕೊಲೆಯಾದ ವ್ಯಕ್ತಿಯಾಗಿದ್ದು, ಆರೋಪಿ ವೇಲು ಎಂಬಾತನನ್ನು ಪೊಲೀಸರು ವಶಕ್ಕೆ ಪಡೆದಿದ್ದಾರೆ. ರಾತ್ರಿ ವೇಳೆ ಪಾರ್ಟಿ ಮಾಡುವಾಗ ಗಲಾಟೆ ನಡೆದಿದೆ ಎನ್ನಲಾಗಿದೆ.
